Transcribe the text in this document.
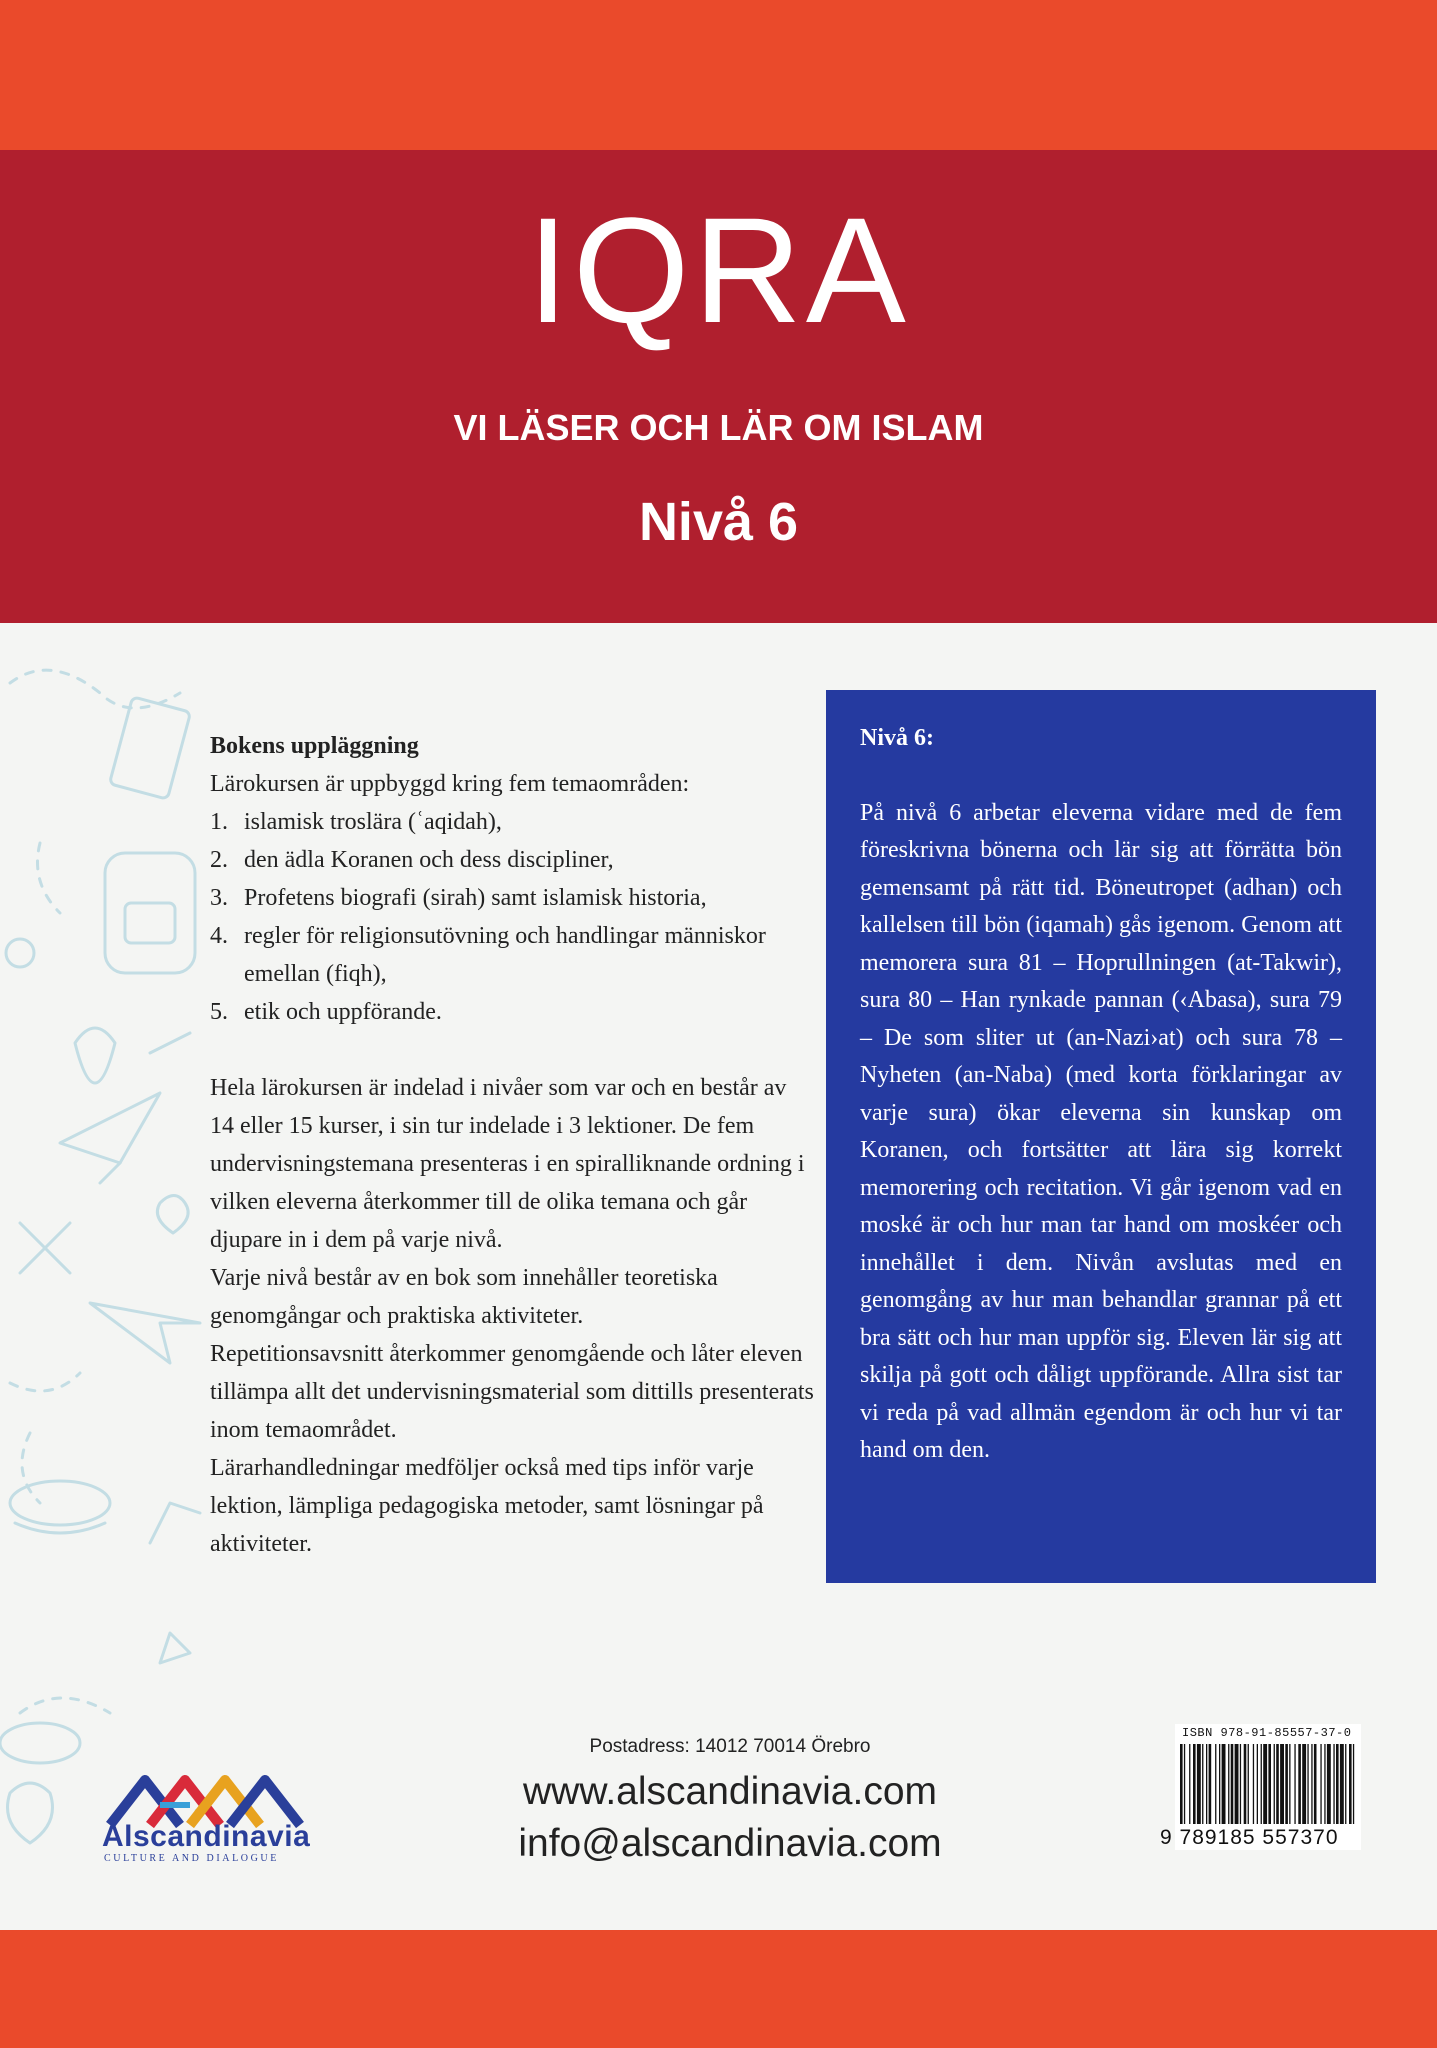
IQRA
VI LÄSER OCH LÄR OM ISLAM
Nivå 6
Bokens uppläggning
Lärokursen är uppbyggd kring fem temaområden:
1. islamisk troslära (ʿaqidah),
2. den ädla Koranen och dess discipliner,
3. Profetens biografi (sirah) samt islamisk historia,
4. regler för religionsutövning och handlingar människor emellan (fiqh),
5. etik och uppförande.

Hela lärokursen är indelad i nivåer som var och en består av 14 eller 15 kurser, i sin tur indelade i 3 lektioner. De fem undervisningstemana presenteras i en spiralliknande ordning i vilken eleverna återkommer till de olika temana och går djupare in i dem på varje nivå.

Varje nivå består av en bok som innehåller teoretiska genomgångar och praktiska aktiviteter.

Repetitionsavsnitt återkommer genomgående och låter eleven tillämpa allt det undervisningsmaterial som dittills presenterats inom temaområdet.

Lärarhandledningar medföljer också med tips inför varje lektion, lämpliga pedagogiska metoder, samt lösningar på aktiviteter.

Nivå 6:
På nivå 6 arbetar eleverna vidare med de fem föreskrivna bönerna och lär sig att förrätta bön gemensamt på rätt tid. Böneutropet (adhan) och kallelsen till bön (iqamah) gås igenom. Genom att memorera sura 81 – Hoprullningen (at-Takwir), sura 80 – Han rynkade pannan (‹Abasa), sura 79 – De som sliter ut (an-Nazi›at) och sura 78 – Nyheten (an-Naba) (med korta förklaringar av varje sura) ökar eleverna sin kunskap om Koranen, och fortsätter att lära sig korrekt memorering och recitation. Vi går igenom vad en moské är och hur man tar hand om moskéer och innehållet i dem. Nivån avslutas med en genomgång av hur man behandlar grannar på ett bra sätt och hur man uppför sig. Eleven lär sig att skilja på gott och dåligt uppförande. Allra sist tar vi reda på vad allmän egendom är och hur vi tar hand om den.
Alscandinavia
CULTURE AND DIALOGUE
Postadress: 14012 70014 Örebro
www.alscandinavia.com
info@alscandinavia.com
ISBN 978-91-85557-37-0
9 789185 557370
